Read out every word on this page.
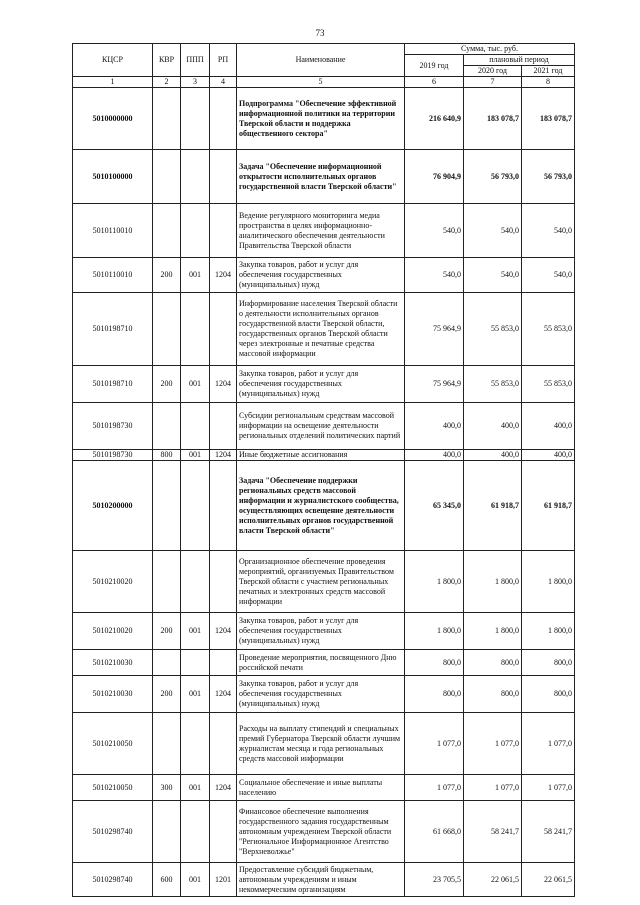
73
КЦСР	КВР	ППП	РП	Наименование	Сумма, тыс. руб.		
					2019 год	плановый период	
						2020 год	2021 год
1	2	3	4	5	6	7	8
5010000000				Подпрограмма "Обеспечение эффективной информационной политики на территории Тверской области и поддержка общественного сектора"	216 640,9	183 078,7	183 078,7
5010100000				Задача "Обеспечение информационной открытости исполнительных органов государственной власти Тверской области"	76 904,9	56 793,0	56 793,0
5010110010				Ведение регулярного мониторинга медиа пространства в целях информационно-аналитического обеспечения деятельности Правительства Тверской области	540,0	540,0	540,0
5010110010	200	001	1204	Закупка товаров, работ и услуг для обеспечения государственных (муниципальных) нужд	540,0	540,0	540,0
5010198710				Информирование населения Тверской области о деятельности исполнительных органов государственной власти Тверской области, государственных органов Тверской области через электронные и печатные средства массовой информации	75 964,9	55 853,0	55 853,0
5010198710	200	001	1204	Закупка товаров, работ и услуг для обеспечения государственных (муниципальных) нужд	75 964,9	55 853,0	55 853,0
5010198730				Субсидии региональным средствам массовой информации на освещение деятельности региональных отделений политических партий	400,0	400,0	400,0
5010198730	800	001	1204	Иные бюджетные ассигнования	400,0	400,0	400,0
5010200000				Задача "Обеспечение поддержки региональных средств массовой информации и журналистского сообщества, осуществляющих освещение деятельности исполнительных органов государственной власти Тверской области"	65 345,0	61 918,7	61 918,7
5010210020				Организационное обеспечение проведения мероприятий, организуемых Правительством Тверской области с участием региональных печатных и электронных средств массовой информации	1 800,0	1 800,0	1 800,0
5010210020	200	001	1204	Закупка товаров, работ и услуг для обеспечения государственных (муниципальных) нужд	1 800,0	1 800,0	1 800,0
5010210030				Проведение мероприятия, посвященного Дню российской печати	800,0	800,0	800,0
5010210030	200	001	1204	Закупка товаров, работ и услуг для обеспечения государственных (муниципальных) нужд	800,0	800,0	800,0
5010210050				Расходы на выплату стипендий и специальных премий Губернатора Тверской области лучшим журналистам месяца и года региональных средств массовой информации	1 077,0	1 077,0	1 077,0
5010210050	300	001	1204	Социальное обеспечение и иные выплаты населению	1 077,0	1 077,0	1 077,0
5010298740				Финансовое обеспечение выполнения государственного задания государственным автономным учреждением Тверской области "Региональное Информационное Агентство "Верхневолжье"	61 668,0	58 241,7	58 241,7
5010298740	600	001	1201	Предоставление субсидий бюджетным, автономным учреждениям и иным некоммерческим организациям	23 705,5	22 061,5	22 061,5
